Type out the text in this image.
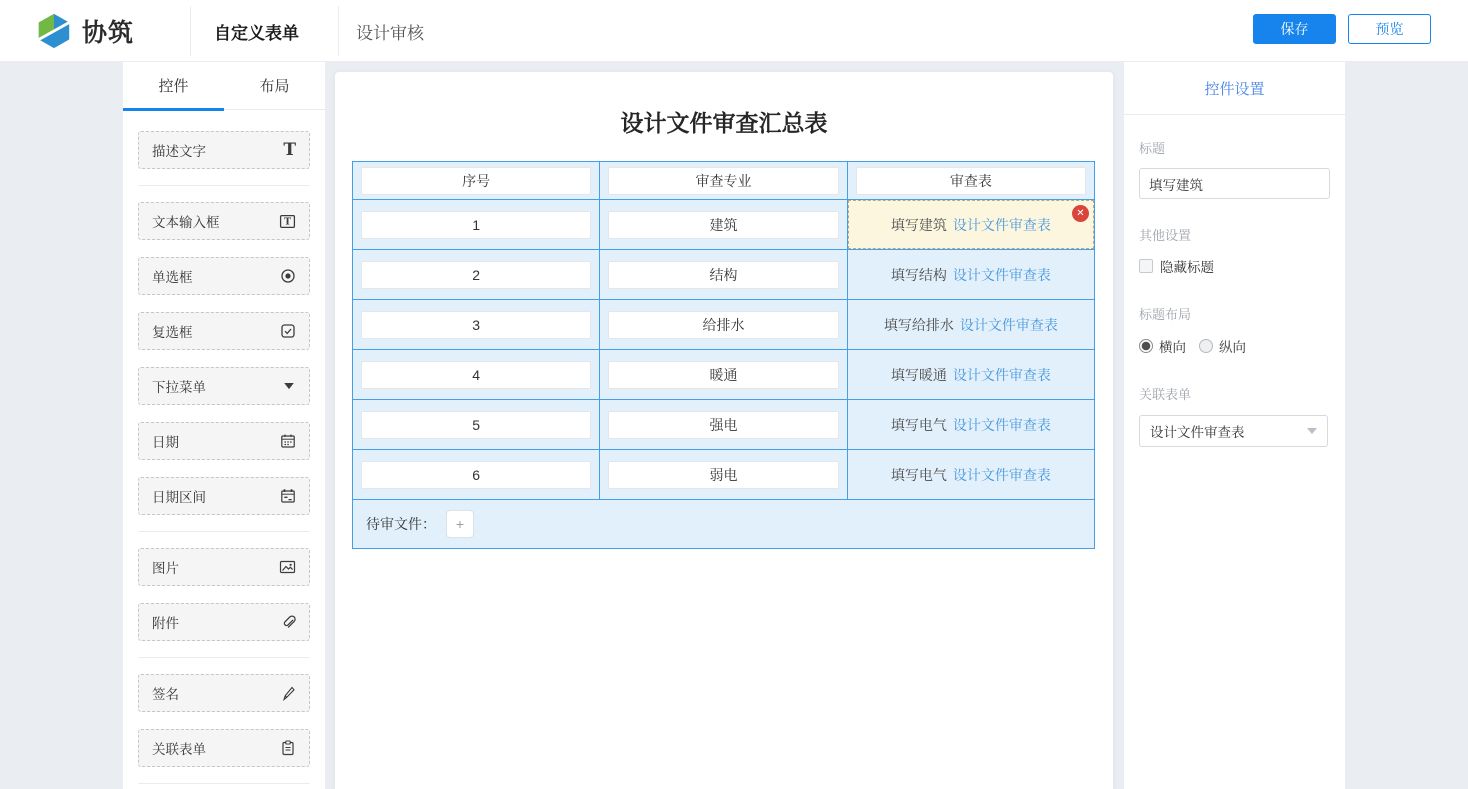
协筑	自定义表单	设计审核	保存	预览
控件	布局
描述文字	T
文本输入框	T
单选框
复选框
下拉菜单
日期
日期区间
图片
附件
签名
关联表单
设计文件审查汇总表
序号	审查专业	审查表

1	建筑	填写建筑 设计文件审查表
✕

2	结构	填写结构 设计文件审查表

3	给排水	填写给排水 设计文件审查表

4	暖通	填写暖通 设计文件审查表

5	强电	填写电气 设计文件审查表

6	弱电	填写电气 设计文件审查表

待审文件： +		
控件设置
标题
填写建筑
其他设置
隐藏标题
标题布局
横向 纵向
关联表单
设计文件审查表
